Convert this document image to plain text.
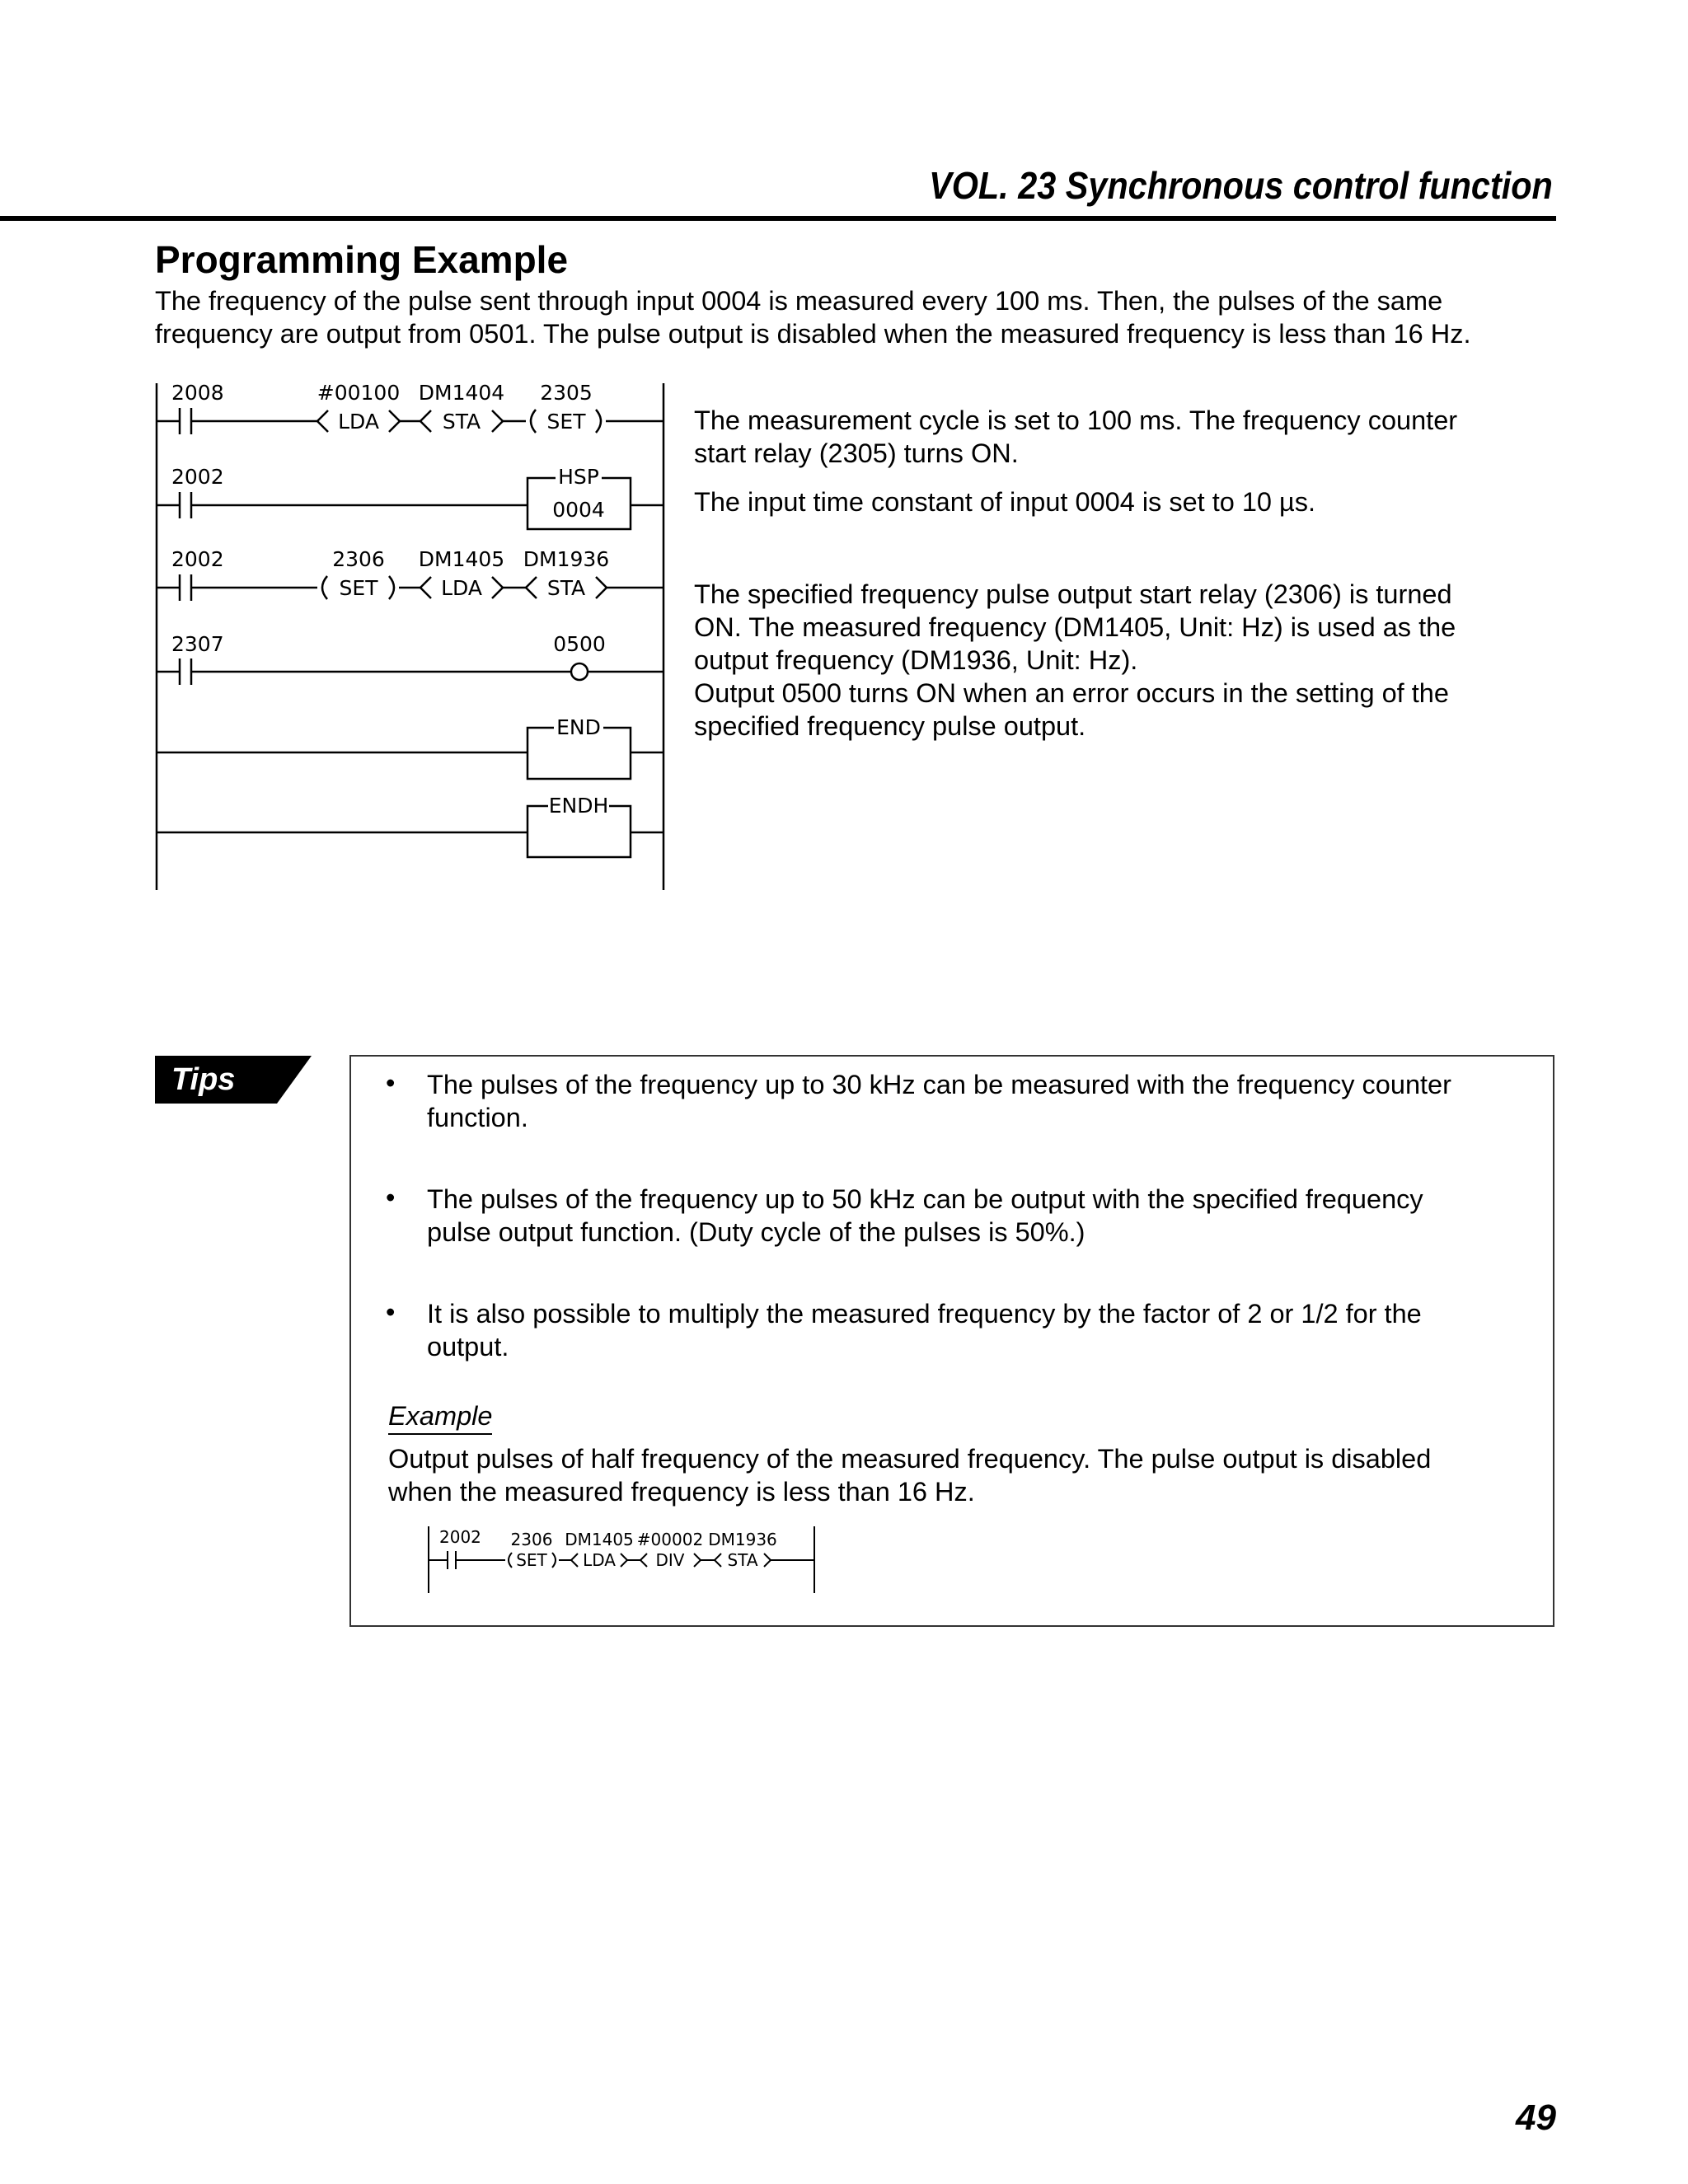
VOL. 23 Synchronous control function
Programming Example

The frequency of the pulse sent through input 0004 is measured every 100 ms. Then, the pulses of the same

frequency are output from 0501. The pulse output is disabled when the measured frequency is less than 16 Hz.

2008	#00100
LDA
DM1404
STA
2305
SET
2002	HSP
0004
2002	2306
SET
DM1405
LDA
DM1936
STA
2307	0500
END
ENDH

The measurement cycle is set to 100 ms. The frequency counter

start relay (2305) turns ON.

The input time constant of input 0004 is set to 10 µs.

The specified frequency pulse output start relay (2306) is turned

ON. The measured frequency (DM1405, Unit: Hz) is used as the

output frequency (DM1936, Unit: Hz).

Output 0500 turns ON when an error occurs in the setting of the

specified frequency pulse output.

Tips	• The pulses of the frequency up to 30 kHz can be measured with the frequency counter
function.
• The pulses of the frequency up to 50 kHz can be output with the specified frequency
pulse output function. (Duty cycle of the pulses is 50%.)
• It is also possible to multiply the measured frequency by the factor of 2 or 1/2 for the
output.
Example

Output pulses of half frequency of the measured frequency. The pulse output is disabled

when the measured frequency is less than 16 Hz.

2002 2306
SET
DM1405
LDA
#00002
DIV
DM1936
STA
49
